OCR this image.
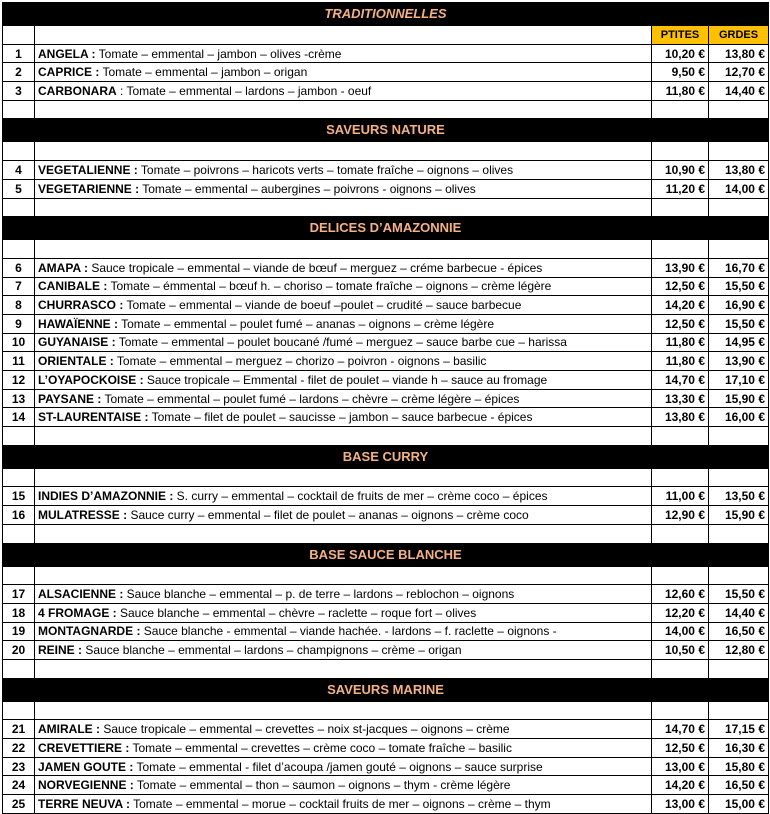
TRADITIONNELLES			
		PTITES	GRDES
1	ANGELA : Tomate – emmental – jambon – olives -crème	10,20 €	13,80 €
2	CAPRICE : Tomate – emmental – jambon – origan	9,50 €	12,70 €
3	CARBONARA : Tomate – emmental – lardons – jambon - oeuf	11,80 €	14,40 €

SAVEURS NATURE			

4	VEGETALIENNE : Tomate – poivrons – haricots verts – tomate fraîche – oignons – olives	10,90 €	13,80 €
5	VEGETARIENNE : Tomate – emmental – aubergines – poivrons - oignons – olives	11,20 €	14,00 €

DELICES D’AMAZONNIE			

6	AMAPA : Sauce tropicale – emmental – viande de bœuf – merguez – créme barbecue - épices	13,90 €	16,70 €
7	CANIBALE : Tomate – émmental – bœuf h. – choriso – tomate fraîche – oignons – crème légère	12,50 €	15,50 €
8	CHURRASCO : Tomate – emmental – viande de boeuf –poulet – crudité – sauce barbecue	14,20 €	16,90 €
9	HAWAÏENNE : Tomate – emmental – poulet fumé – ananas – oignons – crème légère	12,50 €	15,50 €
10	GUYANAISE : Tomate – emmental – poulet boucané /fumé – merguez – sauce barbe cue – harissa	11,80 €	14,95 €
11	ORIENTALE : Tomate – emmental – merguez – chorizo – poivron - oignons – basilic	11,80 €	13,90 €
12	L’OYAPOCKOISE : Sauce tropicale – Emmental - filet de poulet – viande h – sauce au fromage	14,70 €	17,10 €
13	PAYSANE : Tomate – emmental – poulet fumé – lardons – chèvre – crème légère – épices	13,30 €	15,90 €
14	ST-LAURENTAISE : Tomate – filet de poulet – saucisse – jambon – sauce barbecue - épices	13,80 €	16,00 €

BASE CURRY			

15	INDIES D’AMAZONNIE : S. curry – emmental – cocktail de fruits de mer – crème coco – épices	11,00 €	13,50 €
16	MULATRESSE : Sauce curry – emmental – filet de poulet – ananas – oignons – crème coco	12,90 €	15,90 €

BASE SAUCE BLANCHE			

17	ALSACIENNE : Sauce blanche – emmental – p. de terre – lardons – reblochon – oignons	12,60 €	15,50 €
18	4 FROMAGE : Sauce blanche – emmental – chèvre – raclette – roque fort – olives	12,20 €	14,40 €
19	MONTAGNARDE : Sauce blanche - emmental – viande hachée. - lardons – f. raclette – oignons -	14,00 €	16,50 €
20	REINE : Sauce blanche – emmental – lardons – champignons – crème – origan	10,50 €	12,80 €

SAVEURS MARINE			

21	AMIRALE : Sauce tropicale – emmental – crevettes – noix st-jacques – oignons – crème	14,70 €	17,15 €
22	CREVETTIERE : Tomate – emmental – crevettes – crème coco – tomate fraîche – basilic	12,50 €	16,30 €
23	JAMEN GOUTE : Tomate – emmental - filet d’acoupa /jamen gouté – oignons – sauce surprise	13,00 €	15,80 €
24	NORVEGIENNE : Tomate – emmental – thon – saumon – oignons – thym - crème légère	14,20 €	16,50 €
25	TERRE NEUVA : Tomate – emmental – morue – cocktail fruits de mer – oignons – crème – thym	13,00 €	15,00 €
